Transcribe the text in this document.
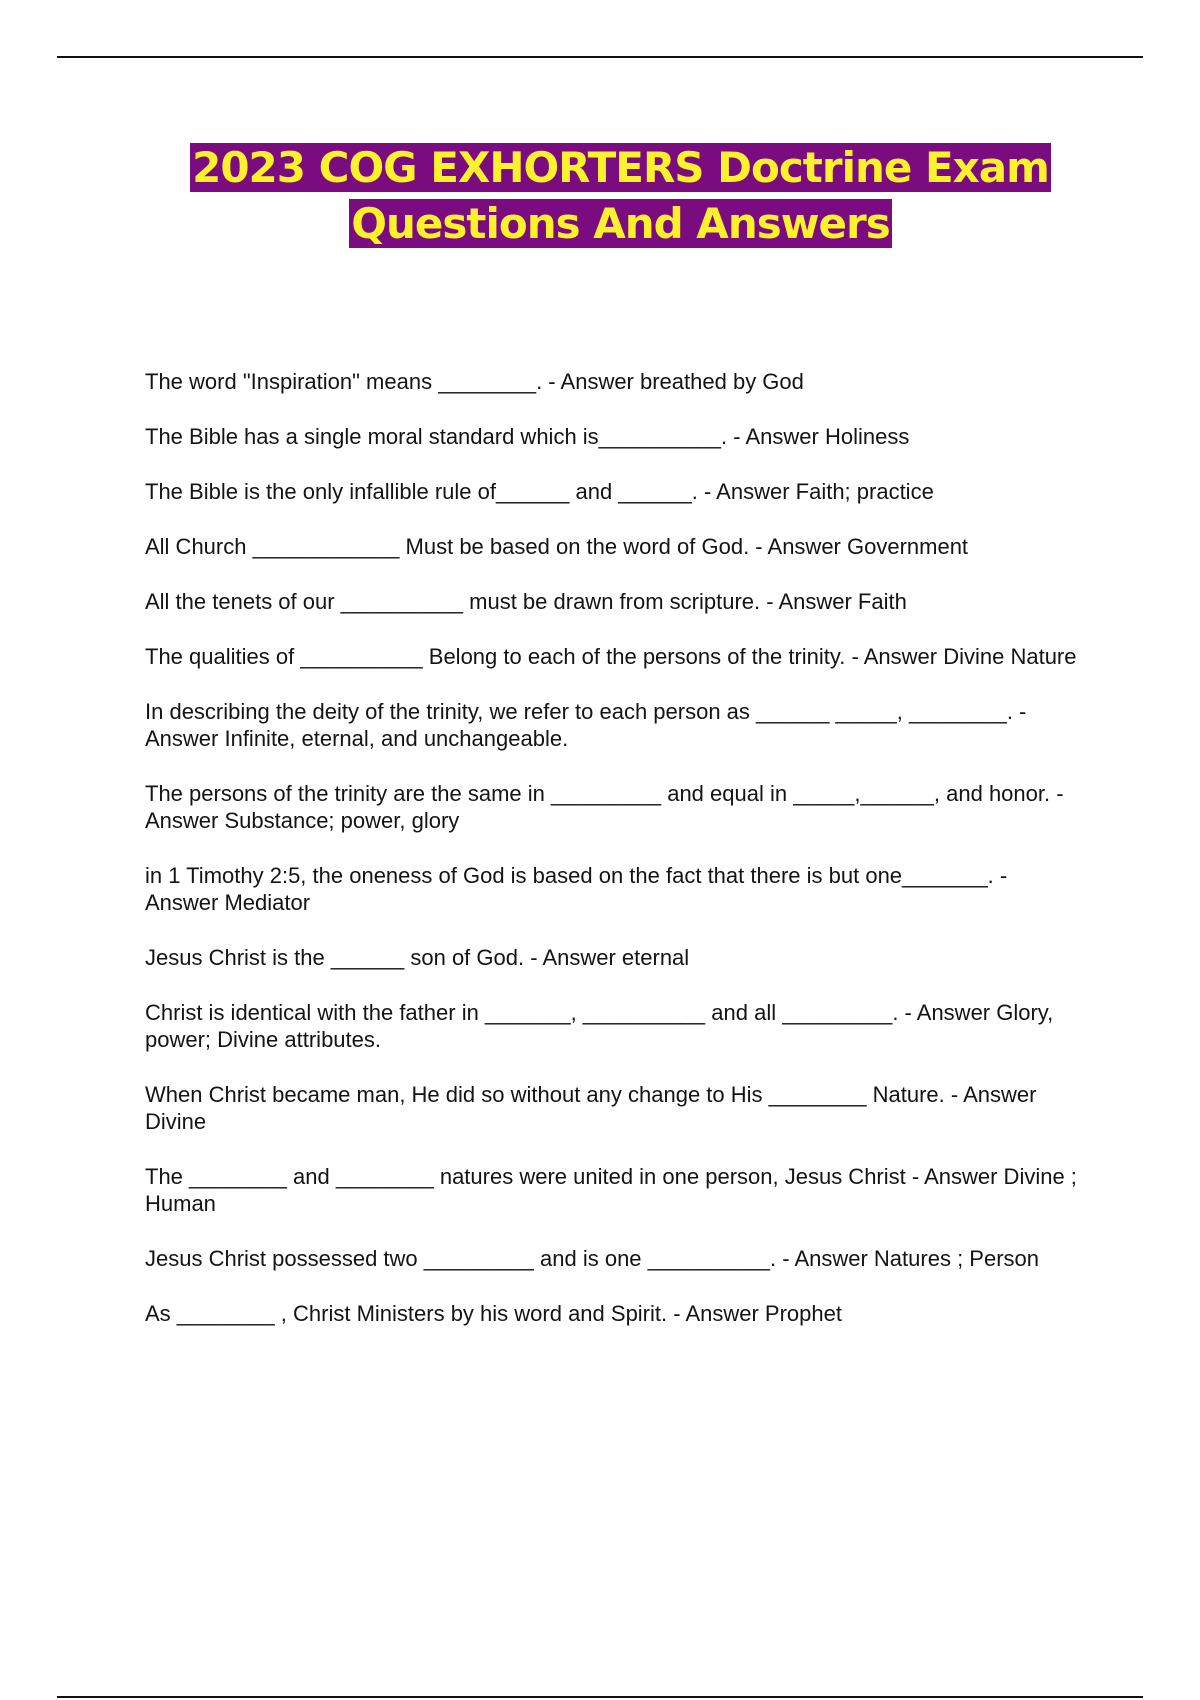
2023 COG EXHORTERS Doctrine Exam
Questions And Answers
The word "Inspiration" means ________. - Answer breathed by God
The Bible has a single moral standard which is__________. - Answer Holiness
The Bible is the only infallible rule of______ and ______. - Answer Faith; practice
All Church ____________ Must be based on the word of God. - Answer Government
All the tenets of our __________ must be drawn from scripture. - Answer Faith
The qualities of __________ Belong to each of the persons of the trinity. - Answer Divine Nature
In describing the deity of the trinity, we refer to each person as ______ _____, ________. - Answer Infinite, eternal, and unchangeable.
The persons of the trinity are the same in _________ and equal in _____,______, and honor. - Answer Substance; power, glory
in 1 Timothy 2:5, the oneness of God is based on the fact that there is but one_______. - Answer Mediator
Jesus Christ is the ______ son of God. - Answer eternal
Christ is identical with the father in _______, __________ and all _________. - Answer Glory, power; Divine attributes.
When Christ became man, He did so without any change to His ________ Nature. - Answer Divine
The ________ and ________ natures were united in one person, Jesus Christ - Answer Divine ; Human
Jesus Christ possessed two _________ and is one __________. - Answer Natures ; Person
As ________ , Christ Ministers by his word and Spirit. - Answer Prophet
